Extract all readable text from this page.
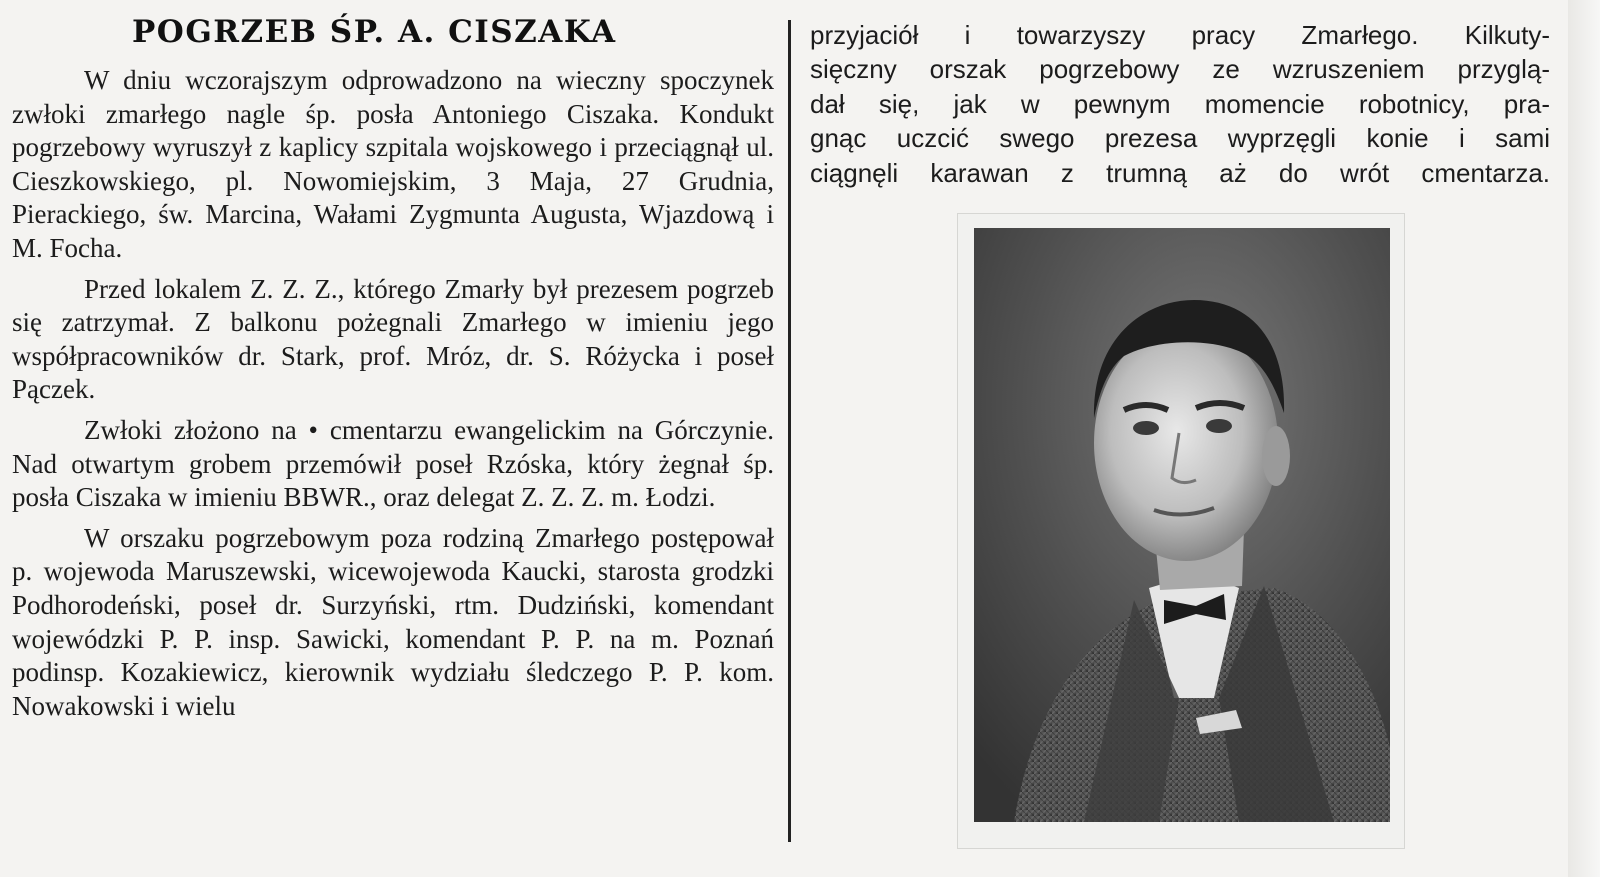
POGRZEB ŚP. A. CISZAKA

W dniu wczorajszym odprowadzono na wieczny spoczynek zwłoki zmarłego nagle śp. posła Antoniego Ciszaka. Kondukt pogrzebowy wyruszył z kaplicy szpitala wojskowego i przeciągnął ul. Cieszkowskiego, pl. Nowomiejskim, 3 Maja, 27 Grudnia, Pierackiego, św. Marcina, Wałami Zygmunta Augusta, Wjazdową i M. Focha.

Przed lokalem Z. Z. Z., którego Zmarły był prezesem pogrzeb się zatrzymał. Z balkonu pożegnali Zmarłego w imieniu jego współpracowników dr. Stark, prof. Mróz, dr. S. Różycka i poseł Pączek.

Zwłoki złożono na • cmentarzu ewangelickim na Górczynie. Nad otwartym grobem przemówił poseł Rzóska, który żegnał śp. posła Ciszaka w imieniu BBWR., oraz delegat Z. Z. Z. m. Łodzi.

W orszaku pogrzebowym poza rodziną Zmarłego postępował p. wojewoda Maruszewski, wicewojewoda Kaucki, starosta grodzki Podhorodeński, poseł dr. Surzyński, rtm. Dudziński, komendant wojewódzki P. P. insp. Sawicki, komendant P. P. na m. Poznań podinsp. Kozakiewicz, kierownik wydziału śledczego P. P. kom. Nowakowski i wielu

przyjaciół i towarzyszy pracy Zmarłego. Kilkuty-
sięczny orszak pogrzebowy ze wzruszeniem przyglą-
dał się, jak w pewnym momencie robotnicy, pra-
gnąc uczcić swego prezesa wyprzęgli konie i sami
ciągnęli karawan z trumną aż do wrót cmentarza.
